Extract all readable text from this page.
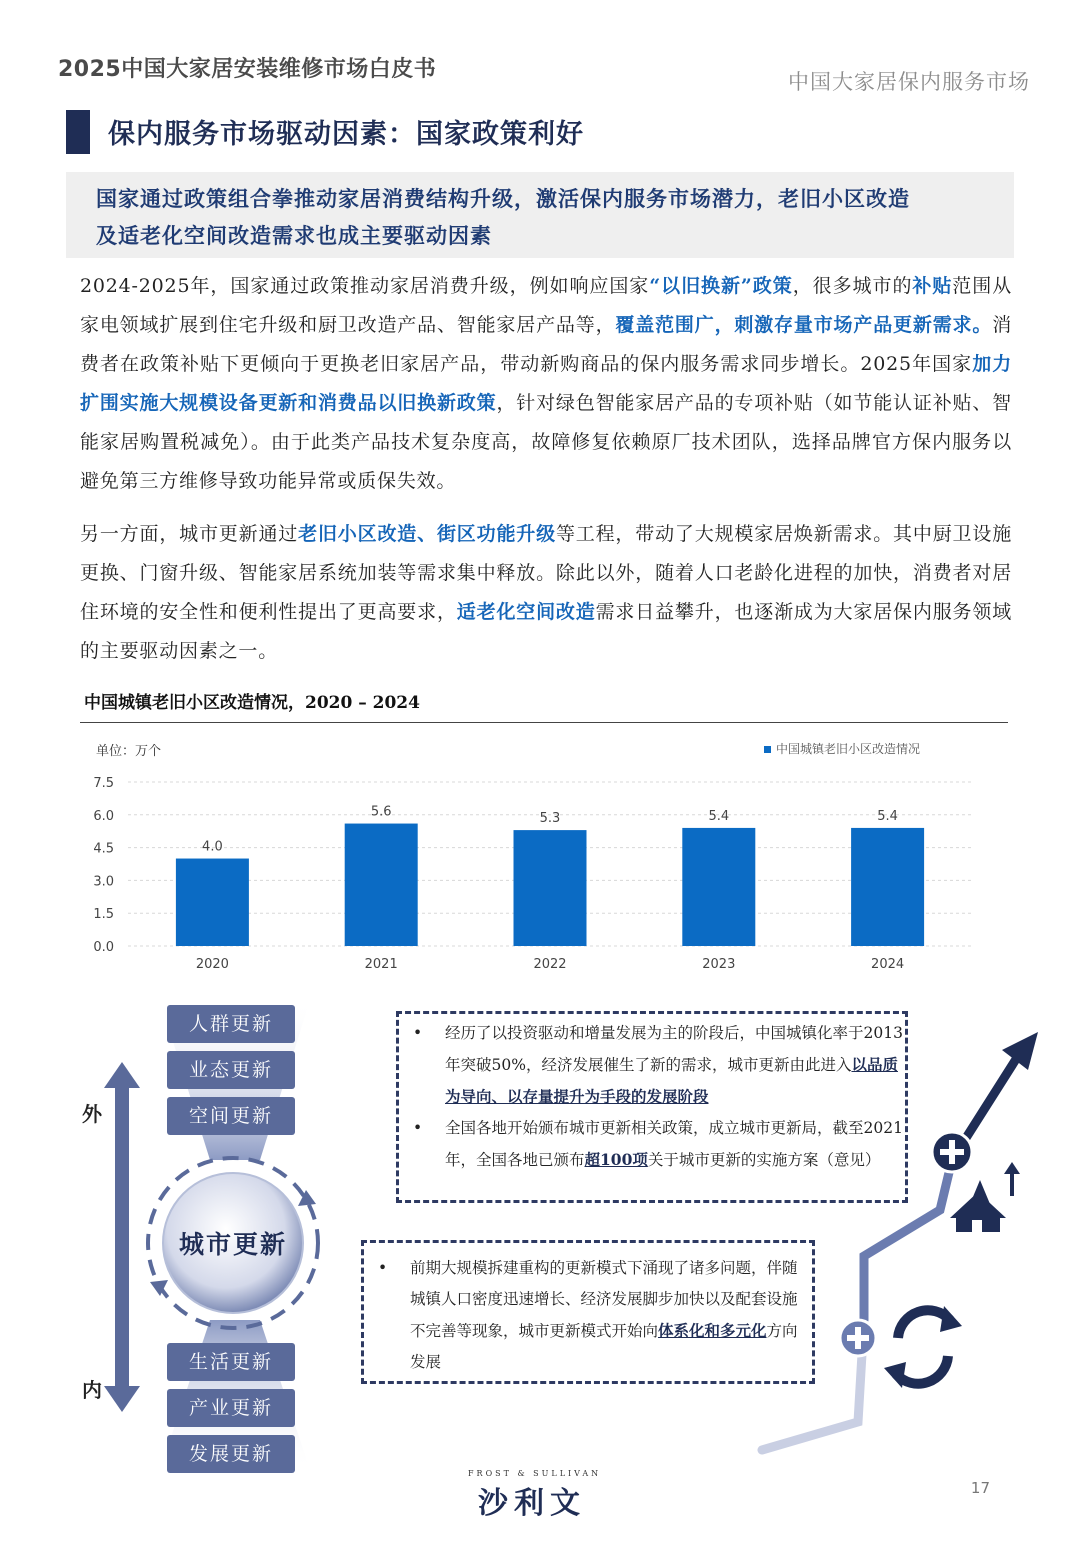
2025中国大家居安装维修市场白皮书	中国大家居保内服务市场
保内服务市场驱动因素：国家政策利好
国家通过政策组合拳推动家居消费结构升级，激活保内服务市场潜力，老旧小区改造
及适老化空间改造需求也成主要驱动因素
2024-2025年，国家通过政策推动家居消费升级，例如响应国家“以旧换新”政策，很多城市的补贴范围从家电领域扩展到住宅升级和厨卫改造产品、智能家居产品等，覆盖范围广，刺激存量市场产品更新需求。消费者在政策补贴下更倾向于更换老旧家居产品，带动新购商品的保内服务需求同步增长。2025年国家加力扩围实施大规模设备更新和消费品以旧换新政策，针对绿色智能家居产品的专项补贴（如节能认证补贴、智能家居购置税减免）。由于此类产品技术复杂度高，故障修复依赖原厂技术团队，选择品牌官方保内服务以避免第三方维修导致功能异常或质保失效。
另一方面，城市更新通过老旧小区改造、街区功能升级等工程，带动了大规模家居焕新需求。其中厨卫设施更换、门窗升级、智能家居系统加装等需求集中释放。除此以外，随着人口老龄化进程的加快，消费者对居住环境的安全性和便利性提出了更高要求，适老化空间改造需求日益攀升，也逐渐成为大家居保内服务领域的主要驱动因素之一。
中国城镇老旧小区改造情况，2020 – 2024
单位：万个	中国城镇老旧小区改造情况
0.0
1.5
3.0
4.5
6.0
7.5
4.0
2020
5.6
2021
5.3
2022
5.4
2023
5.4
2024
城市更新
外
内
人群更新
业态更新
空间更新
生活更新
产业更新
发展更新
• 经历了以投资驱动和增量发展为主的阶段后，中国城镇化率于2013年突破50%，经济发展催生了新的需求，城市更新由此进入以品质为导向、以存量提升为手段的发展阶段
• 全国各地开始颁布城市更新相关政策，成立城市更新局，截至2021年，全国各地已颁布超100项关于城市更新的实施方案（意见）
• 前期大规模拆建重构的更新模式下涌现了诸多问题，伴随城镇人口密度迅速增长、经济发展脚步加快以及配套设施不完善等现象，城市更新模式开始向体系化和多元化方向发展
FROST & SULLIVAN
沙利文	17
